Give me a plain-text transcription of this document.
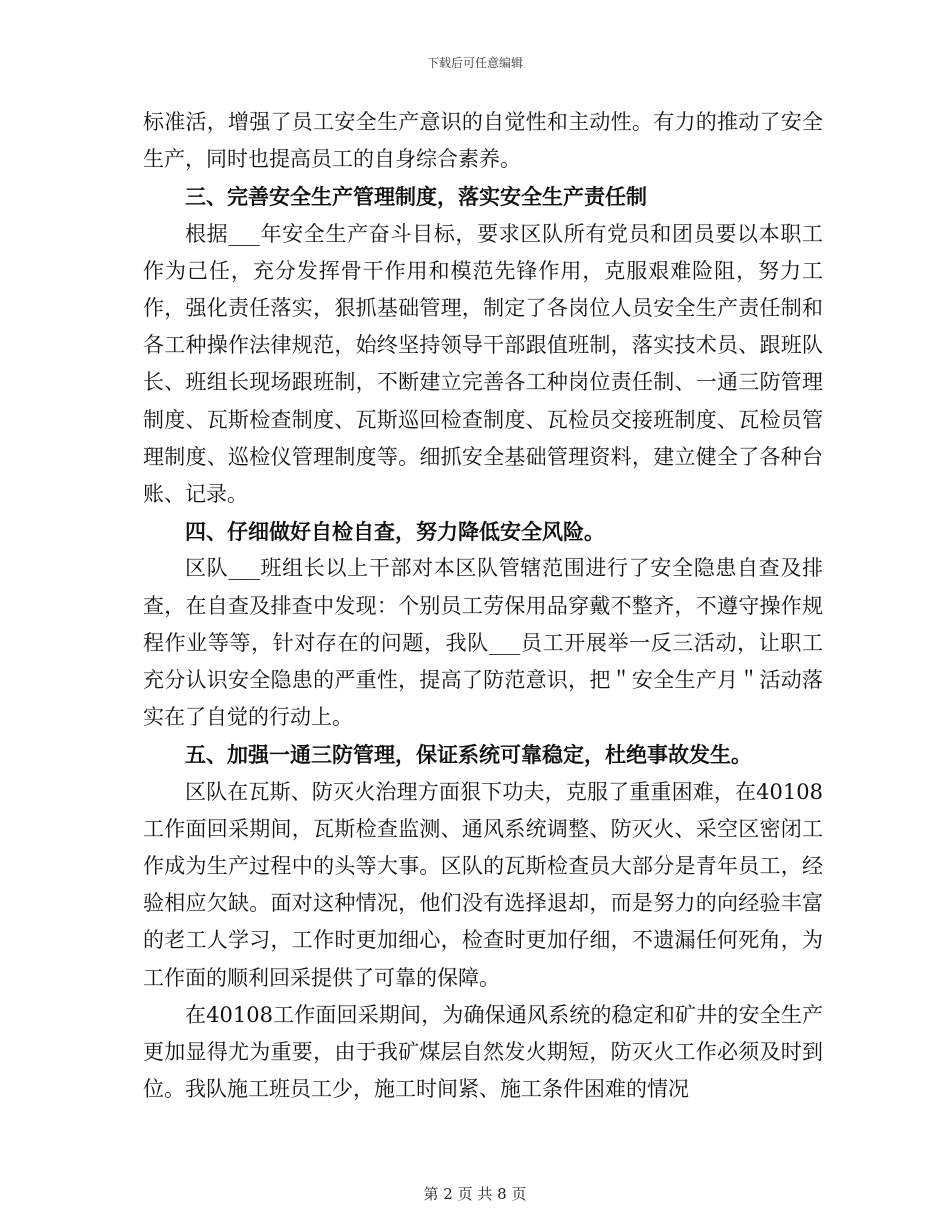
下载后可任意编辑

标准活，增强了员工安全生产意识的自觉性和主动性。有力的推动了安全生产，同时也提高员工的自身综合素养。

三、完善安全生产管理制度，落实安全生产责任制

根据___年安全生产奋斗目标，要求区队所有党员和团员要以本职工作为己任，充分发挥骨干作用和模范先锋作用，克服艰难险阻，努力工作，强化责任落实，狠抓基础管理，制定了各岗位人员安全生产责任制和各工种操作法律规范，始终坚持领导干部跟值班制，落实技术员、跟班队长、班组长现场跟班制，不断建立完善各工种岗位责任制、一通三防管理制度、瓦斯检查制度、瓦斯巡回检查制度、瓦检员交接班制度、瓦检员管理制度、巡检仪管理制度等。细抓安全基础管理资料，建立健全了各种台账、记录。

四、仔细做好自检自查，努力降低安全风险。

区队___班组长以上干部对本区队管辖范围进行了安全隐患自查及排查，在自查及排查中发现：个别员工劳保用品穿戴不整齐，不遵守操作规程作业等等，针对存在的问题，我队___员工开展举一反三活动，让职工充分认识安全隐患的严重性，提高了防范意识，把＂安全生产月＂活动落实在了自觉的行动上。

五、加强一通三防管理，保证系统可靠稳定，杜绝事故发生。

区队在瓦斯、防灭火治理方面狠下功夫，克服了重重困难，在40108工作面回采期间，瓦斯检查监测、通风系统调整、防灭火、采空区密闭工作成为生产过程中的头等大事。区队的瓦斯检查员大部分是青年员工，经验相应欠缺。面对这种情况，他们没有选择退却，而是努力的向经验丰富的老工人学习，工作时更加细心，检查时更加仔细，不遗漏任何死角，为工作面的顺利回采提供了可靠的保障。

在40108工作面回采期间，为确保通风系统的稳定和矿井的安全生产更加显得尤为重要，由于我矿煤层自然发火期短，防灭火工作必须及时到位。我队施工班员工少，施工时间紧、施工条件困难的情况

第 2 页 共 8 页
